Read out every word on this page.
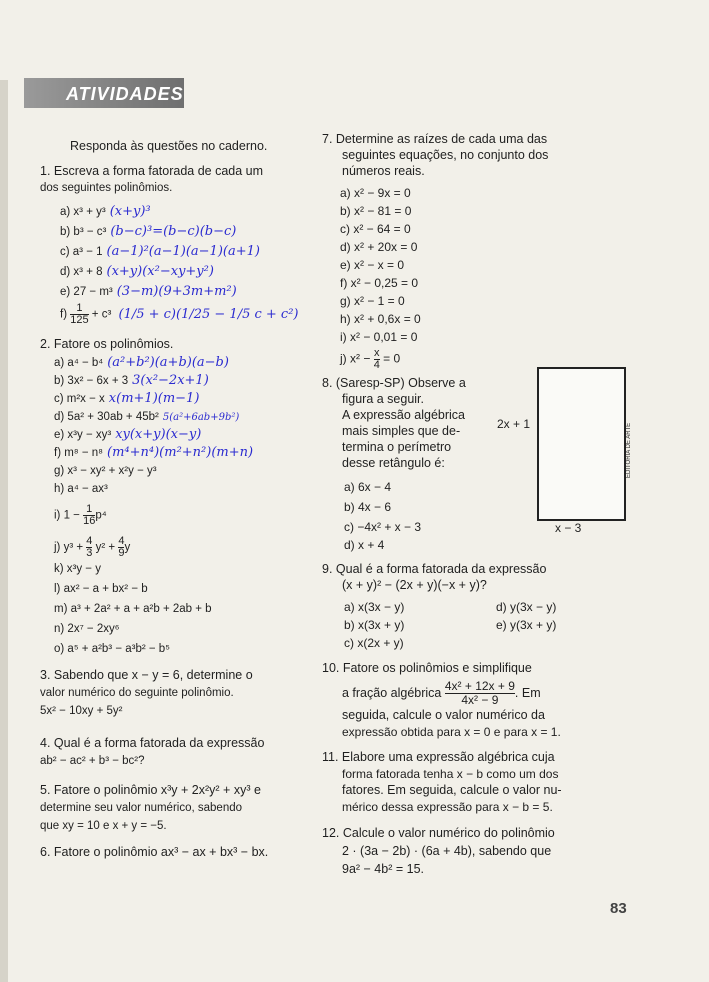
ATIVIDADES
Responda às questões no caderno.
1. Escreva a forma fatorada de cada um
dos seguintes polinômios.
a) x³ + y³ (x+y)³
b) b³ − c³ (b−c)³=(b−c)(b−c)
c) a³ − 1 (a−1)²(a−1)(a−1)(a+1)
d) x³ + 8 (x+y)(x²−xy+y²)
e) 27 − m³ (3−m)(9+3m+m²)
$f) \frac{1}{125} + c^3$ (1/5 + c)(1/25 − 1/5 c + c²)
2. Fatore os polinômios.
a) a⁴ − b⁴ (a²+b²)(a+b)(a−b)
b) 3x² − 6x + 3 3(x²−2x+1)
c) m²x − x x(m+1)(m−1)
d) 5a² + 30ab + 45b² 5(a²+6ab+9b²)
e) x³y − xy³ xy(x+y)(x−y)
f) m⁸ − n⁸ (m⁴+n⁴)(m²+n²)(m+n)
g) x³ − xy² + x²y − y³
h) a⁴ − ax³
i) $1 - \frac{1}{16} p^4$
j) $y^3 + \frac{4}{3} y^2 + \frac{4}{9}$ y
k) x³y − y
l) ax² − a + bx² − b
m) a³ + 2a² + a + a²b + 2ab + b
n) 2x⁷ − 2xy⁶
o) a⁵ + a²b³ − a³b² − b⁵
3. Sabendo que x − y = 6, determine o
valor numérico do seguinte polinômio.
5x² − 10xy + 5y²
4. Qual é a forma fatorada da expressão
ab² − ac² + b³ − bc²?
5. Fatore o polinômio x³y + 2x²y² + xy³ e
determine seu valor numérico, sabendo
que xy = 10 e x + y = −5.
6. Fatore o polinômio ax³ − ax + bx³ − bx.
7. Determine as raízes de cada uma das
seguintes equações, no conjunto dos
números reais.
a) x² − 9x = 0
b) x² − 81 = 0
c) x² − 64 = 0
d) x² + 20x = 0
e) x² − x = 0
f) x² − 0,25 = 0
g) x² − 1 = 0
h) x² + 0,6x = 0
i) x² − 0,01 = 0
j) $x^2 - \frac{x}{4} = 0$
8. (Saresp-SP) Observe a
figura a seguir.
A expressão algébrica
mais simples que de-
termina o perímetro
desse retângulo é:
a) 6x − 4
b) 4x − 6
c) −4x² + x − 3
d) x + 4
2x + 1
x − 3
EDITORIA DE ARTE
9. Qual é a forma fatorada da expressão
(x + y)² − (2x + y)(−x + y)?
a) x(3x − y)
b) x(3x + y)
c) x(2x + y)
d) y(3x − y)
e) y(3x + y)
10. Fatore os polinômios e simplifique
a fração algébrica $\frac{\text{4x² + 12x + 9}}{\text{4x² − 9}}$ . Em
seguida, calcule o valor numérico da
expressão obtida para x = 0 e para x = 1.
11. Elabore uma expressão algébrica cuja
forma fatorada tenha x − b como um dos
fatores. Em seguida, calcule o valor nu-
mérico dessa expressão para x − b = 5.
12. Calcule o valor numérico do polinômio
2 · (3a − 2b) · (6a + 4b), sabendo que
9a² − 4b² = 15.
83
